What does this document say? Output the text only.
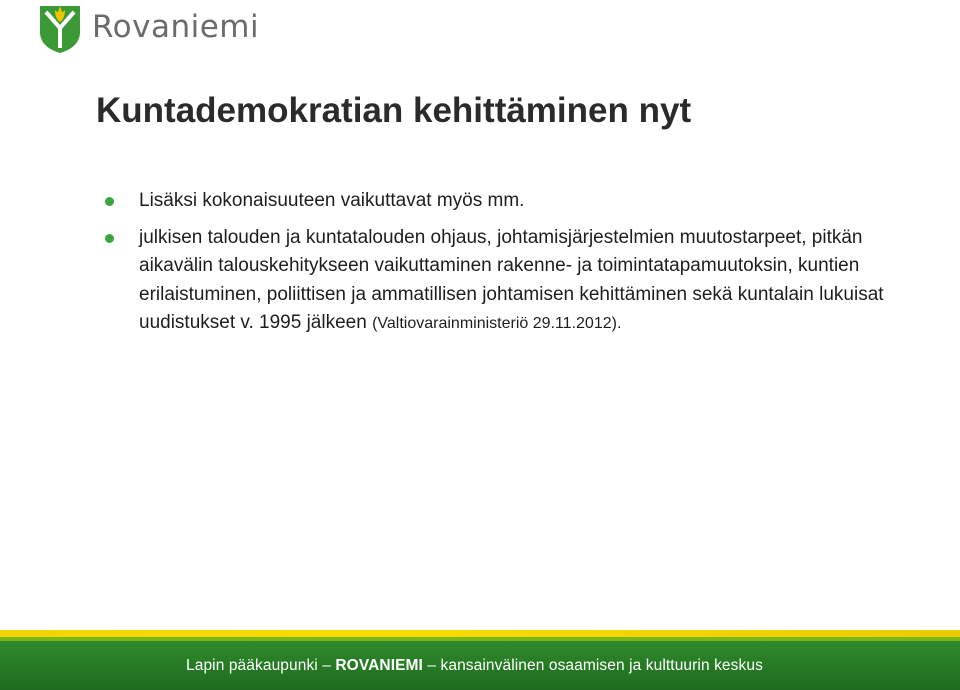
Rovaniemi
Kuntademokratian kehittäminen nyt
Lisäksi kokonaisuuteen vaikuttavat myös mm.
julkisen talouden ja kuntatalouden ohjaus, johtamisjärjestelmien muutostarpeet, pitkän aikavälin talouskehitykseen vaikuttaminen rakenne- ja toimintatapamuutoksin, kuntien erilaistuminen, poliittisen ja ammatillisen johtamisen kehittäminen sekä kuntalain lukuisat uudistukset v. 1995 jälkeen (Valtiovarainministeriö 29.11.2012).
Lapin pääkaupunki – ROVANIEMI – kansainvälinen osaamisen ja kulttuurin keskus
